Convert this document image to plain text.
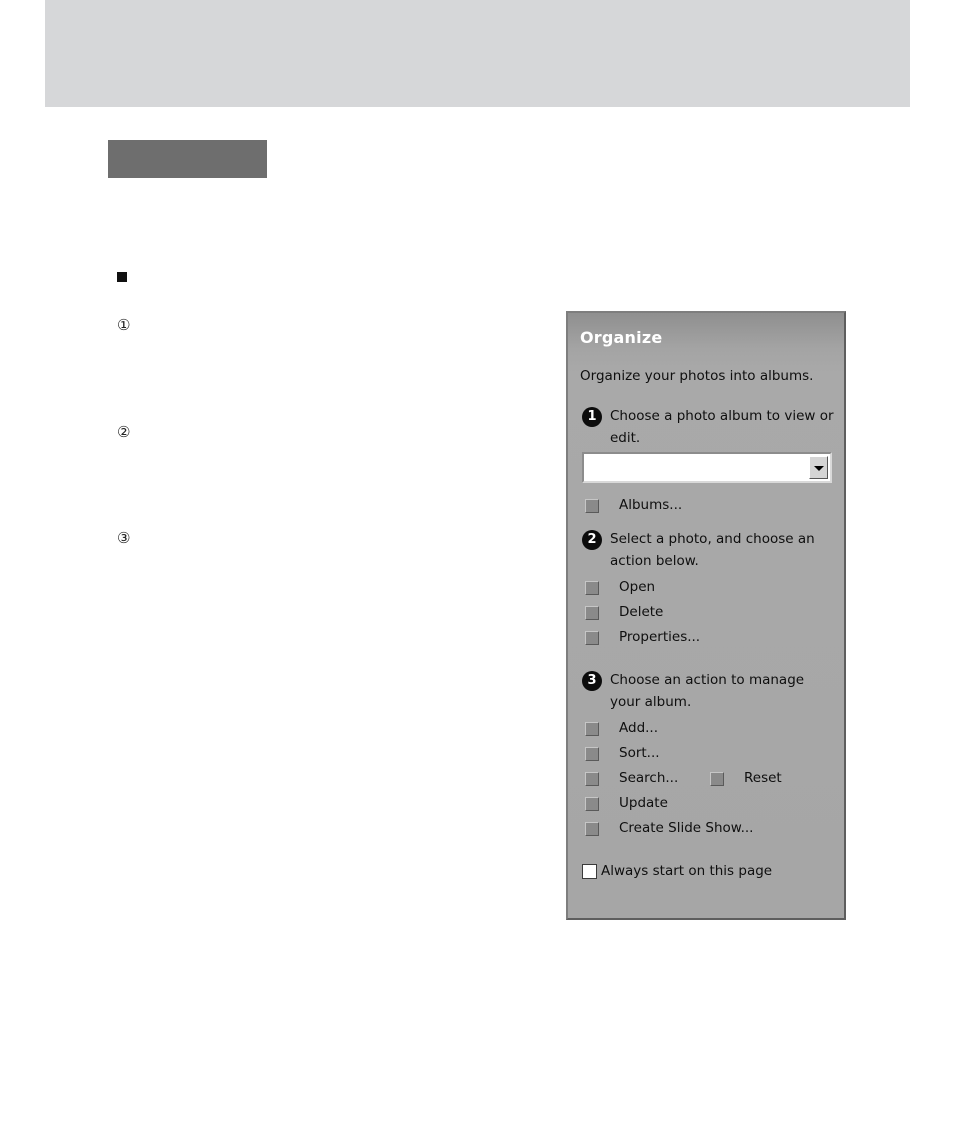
①
②
③
Organize
Organize your photos into albums.
1 Choose a photo album to view or edit.
Albums...
2 Select a photo, and choose an action below.
Open
Delete
Properties...
3 Choose an action to manage your album.
Add...
Sort...
Search...	Reset
Update
Create Slide Show...
Always start on this page
